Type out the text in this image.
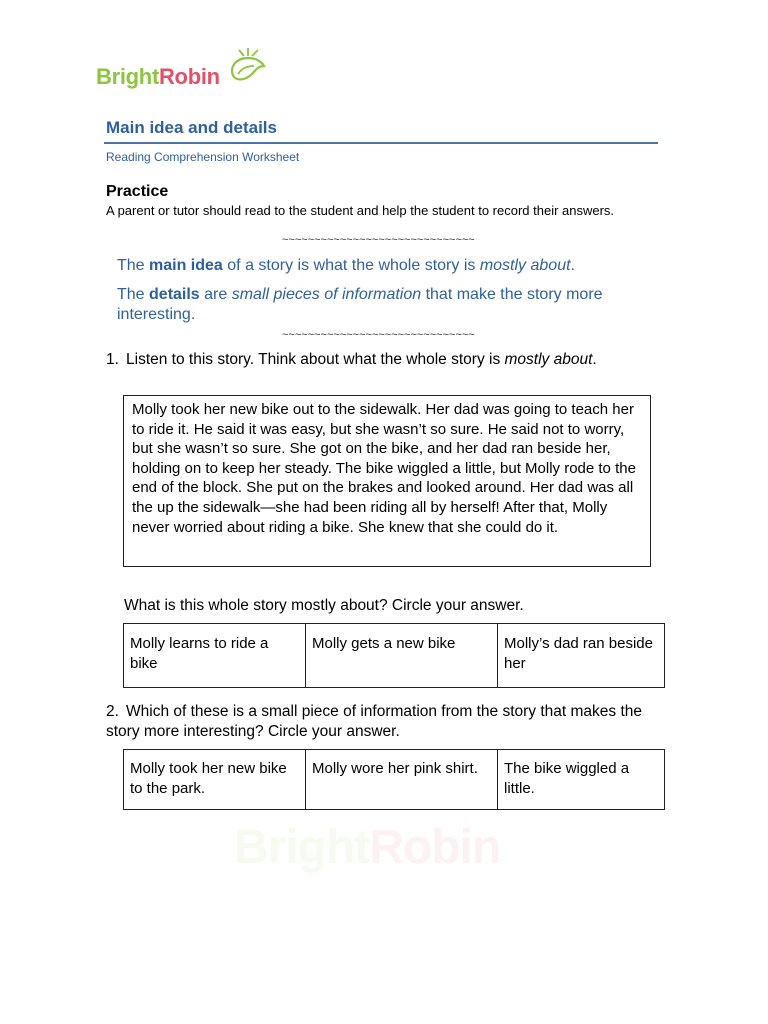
BrightRobin
Main idea and details
Reading Comprehension Worksheet
Practice
A parent or tutor should read to the student and help the student to record their answers.
~~~~~~~~~~~~~~~~~~~~~~~~~~~~~~
The main idea of a story is what the whole story is mostly about.
The details are small pieces of information that make the story more interesting.
~~~~~~~~~~~~~~~~~~~~~~~~~~~~~~
1. Listen to this story. Think about what the whole story is mostly about.
Molly took her new bike out to the sidewalk. Her dad was going to teach her to ride it. He said it was easy, but she wasn’t so sure. He said not to worry, but she wasn’t so sure. She got on the bike, and her dad ran beside her, holding on to keep her steady. The bike wiggled a little, but Molly rode to the end of the block. She put on the brakes and looked around. Her dad was all the up the sidewalk—she had been riding all by herself! After that, Molly never worried about riding a bike. She knew that she could do it.
What is this whole story mostly about? Circle your answer.
Molly learns to ride a bike	Molly gets a new bike	Molly’s dad ran beside her
2. Which of these is a small piece of information from the story that makes the story more interesting? Circle your answer.
Molly took her new bike to the park.	Molly wore her pink shirt.	The bike wiggled a little.
BrightRobin
